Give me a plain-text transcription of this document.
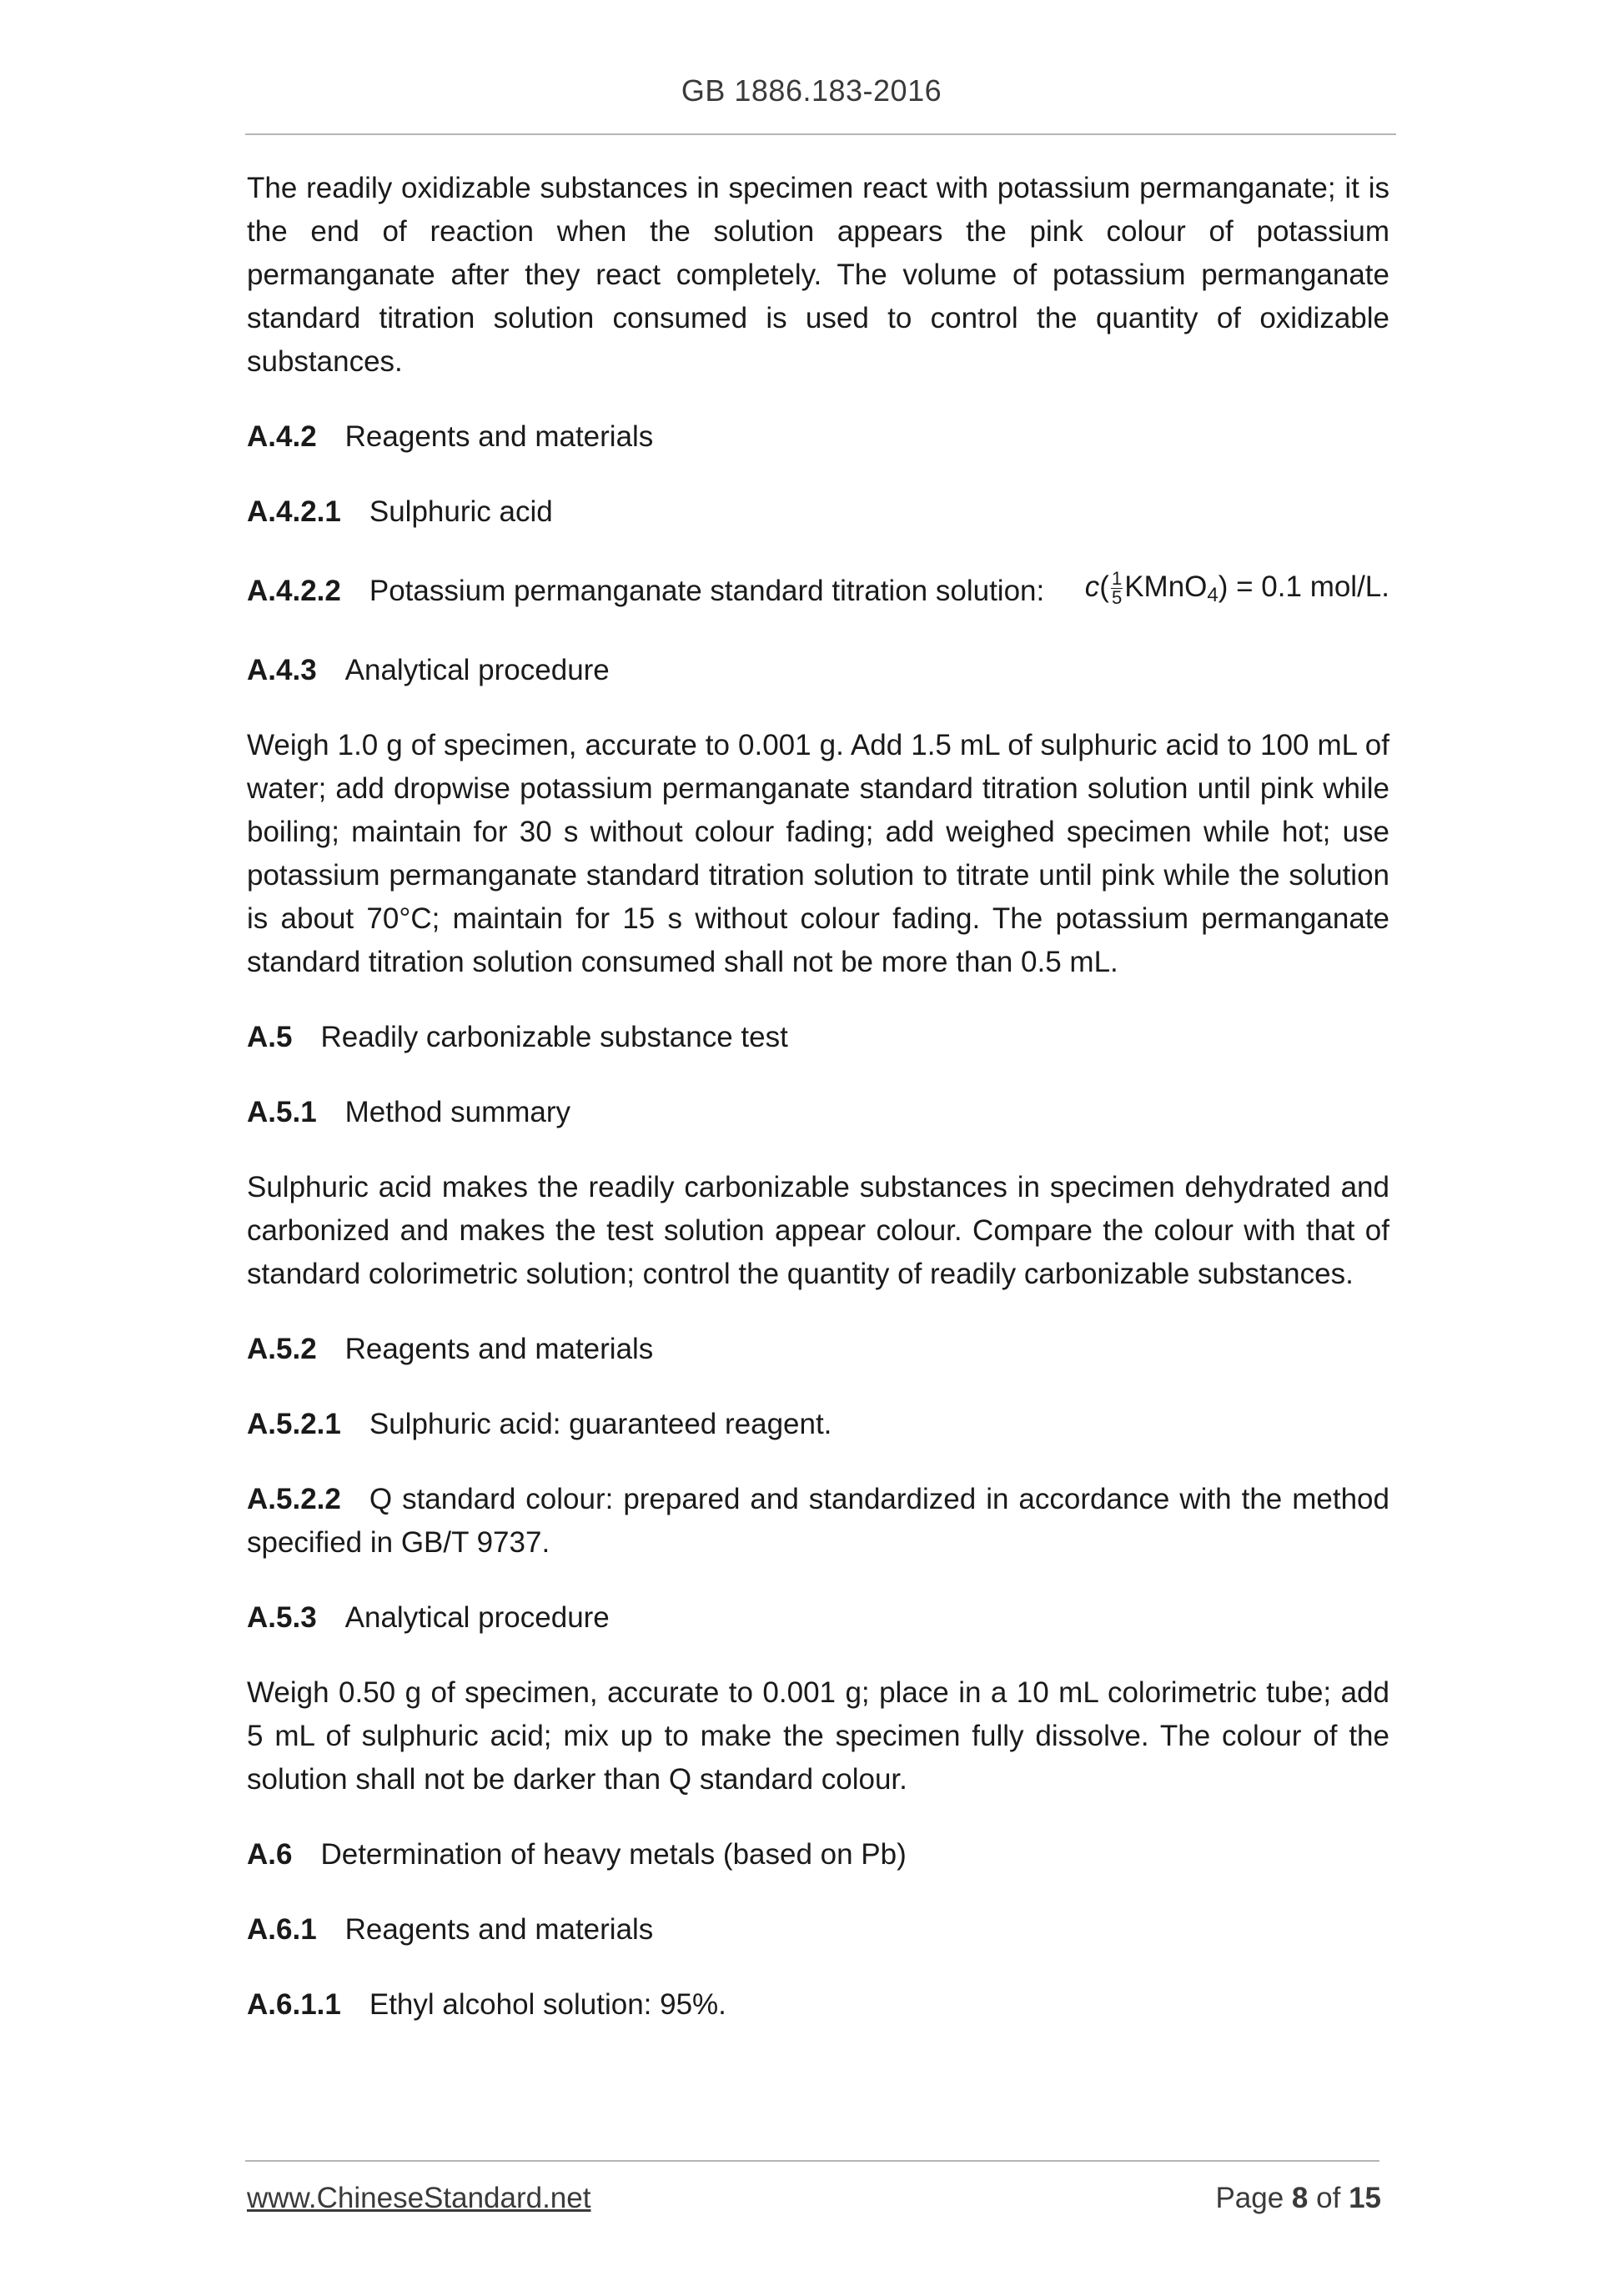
GB 1886.183-2016

The readily oxidizable substances in specimen react with potassium permanganate; it is the end of reaction when the solution appears the pink colour of potassium permanganate after they react completely. The volume of potassium permanganate standard titration solution consumed is used to control the quantity of oxidizable substances.

A.4.2 Reagents and materials
A.4.2.1 Sulphuric acid
A.4.2.2 Potassium permanganate standard titration solution: $c( \frac{1}{5}$ KMnO$_4$) = 0.1 mol/L.
A.4.3 Analytical procedure

Weigh 1.0 g of specimen, accurate to 0.001 g. Add 1.5 mL of sulphuric acid to 100 mL of water; add dropwise potassium permanganate standard titration solution until pink while boiling; maintain for 30 s without colour fading; add weighed specimen while hot; use potassium permanganate standard titration solution to titrate until pink while the solution is about 70°C; maintain for 15 s without colour fading. The potassium permanganate standard titration solution consumed shall not be more than 0.5 mL.

A.5 Readily carbonizable substance test
A.5.1 Method summary

Sulphuric acid makes the readily carbonizable substances in specimen dehydrated and carbonized and makes the test solution appear colour. Compare the colour with that of standard colorimetric solution; control the quantity of readily carbonizable substances.

A.5.2 Reagents and materials
A.5.2.1 Sulphuric acid: guaranteed reagent.

A.5.2.2 Q standard colour: prepared and standardized in accordance with the method specified in GB/T 9737.

A.5.3 Analytical procedure

Weigh 0.50 g of specimen, accurate to 0.001 g; place in a 10 mL colorimetric tube; add 5 mL of sulphuric acid; mix up to make the specimen fully dissolve. The colour of the solution shall not be darker than Q standard colour.

A.6 Determination of heavy metals (based on Pb)
A.6.1 Reagents and materials
A.6.1.1 Ethyl alcohol solution: 95%.
www.ChineseStandard.net	Page 8 of 15
